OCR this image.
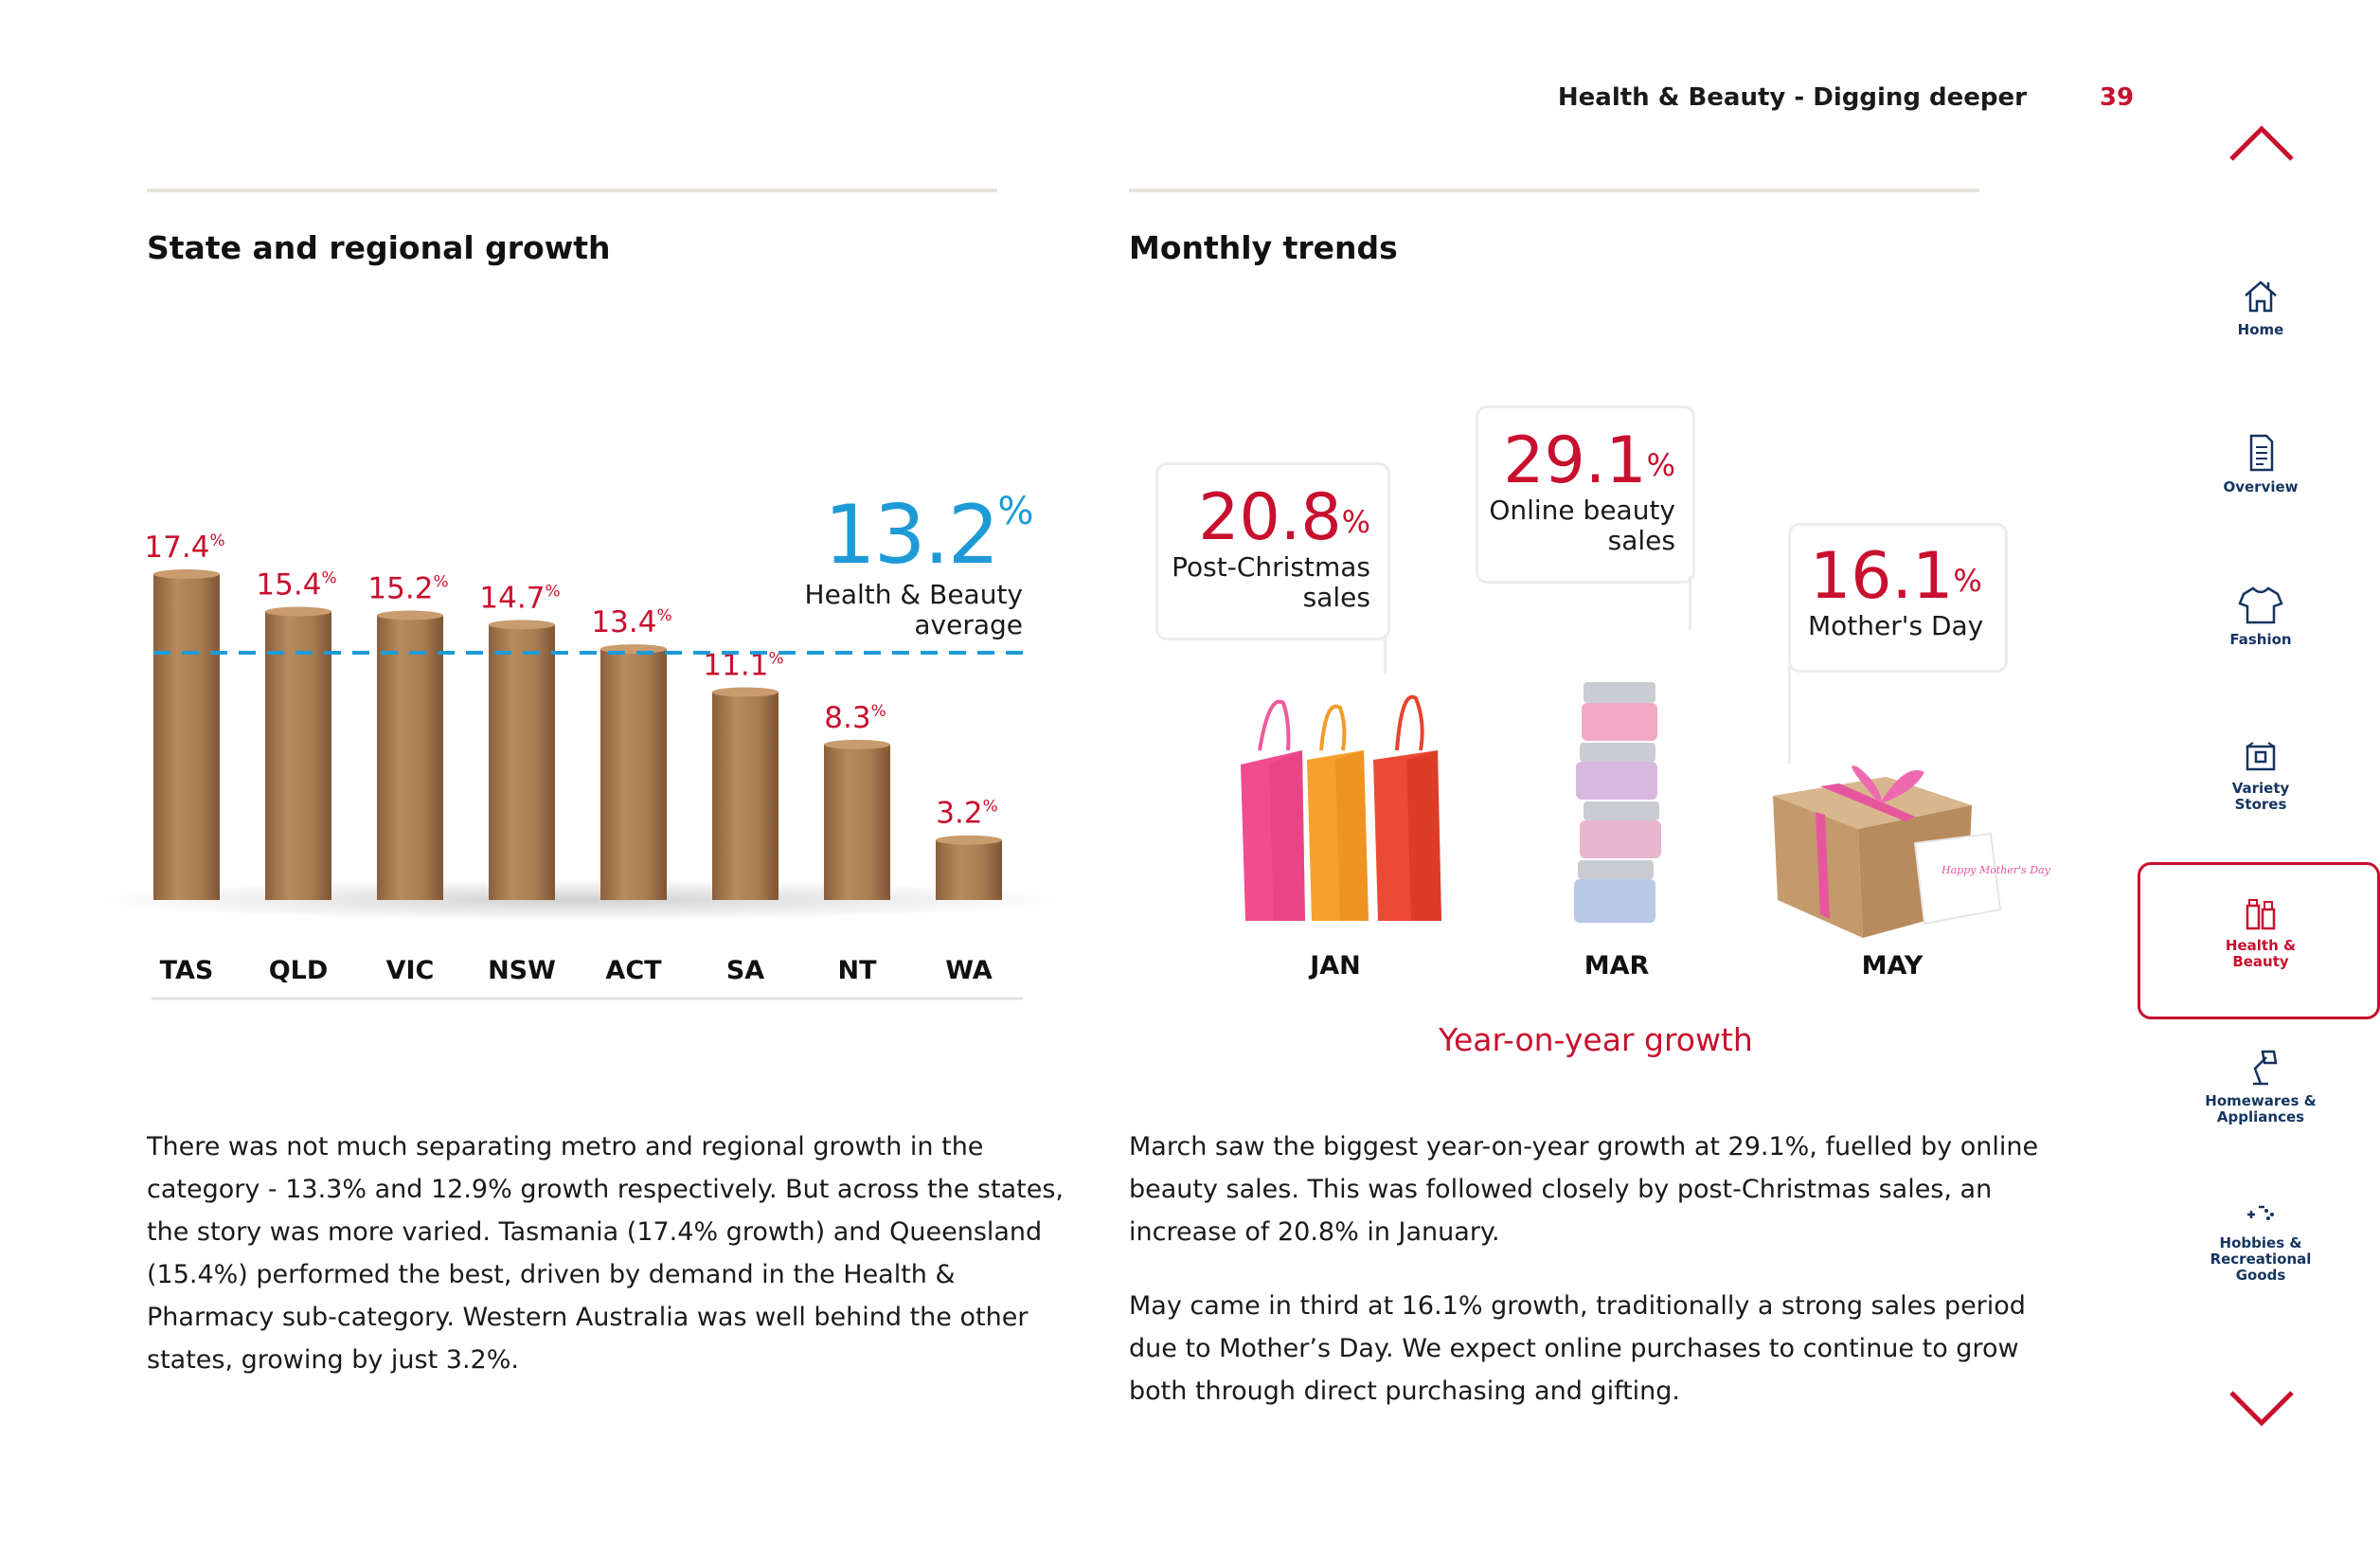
Health & Beauty - Digging deeper	39
State and regional growth
17.4%
15.4% 15.2% 14.7%
13.4%
11.1%
8.3%
3.2%
TAS QLD VIC NSW ACT	SA	NT	WA
13.2%
Health & Beauty
average
There was not much separating metro and regional growth in the category - 13.3% and 12.9% growth respectively. But across the states, the story was more varied. Tasmania (17.4% growth) and Queensland (15.4%) performed the best, driven by demand in the Health & Pharmacy sub-category. Western Australia was well behind the other states, growing by just 3.2%.
Monthly trends
20.8%
Post-Christmas
sales
29.1%
Online beauty
sales 16.1%
Mother's Day
Happy Mother's Day
JAN	MAR	MAY
Year-on-year growth
March saw the biggest year-on-year growth at 29.1%, fuelled by online beauty sales. This was followed closely by post-Christmas sales, an increase of 20.8% in January.
May came in third at 16.1% growth, traditionally a strong sales period due to Mother’s Day. We expect online purchases to continue to grow both through direct purchasing and gifting.
Home
Overview
Fashion
Variety
Stores
Health &
Beauty
Homewares &
Appliances
Hobbies &
Recreational
Goods
